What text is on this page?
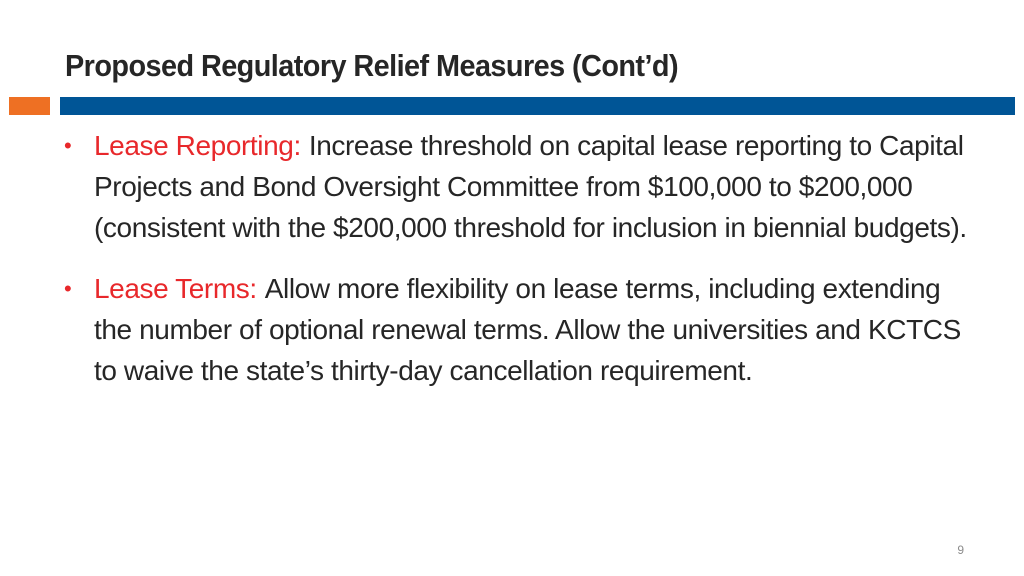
Proposed Regulatory Relief Measures (Cont’d)
• Lease Reporting: Increase threshold on capital lease reporting to Capital Projects and Bond Oversight Committee from $100,000 to $200,000 (consistent with the $200,000 threshold for inclusion in biennial budgets).
• Lease Terms: Allow more flexibility on lease terms, including extending the number of optional renewal terms. Allow the universities and KCTCS to waive the state’s thirty-day cancellation requirement.
9
